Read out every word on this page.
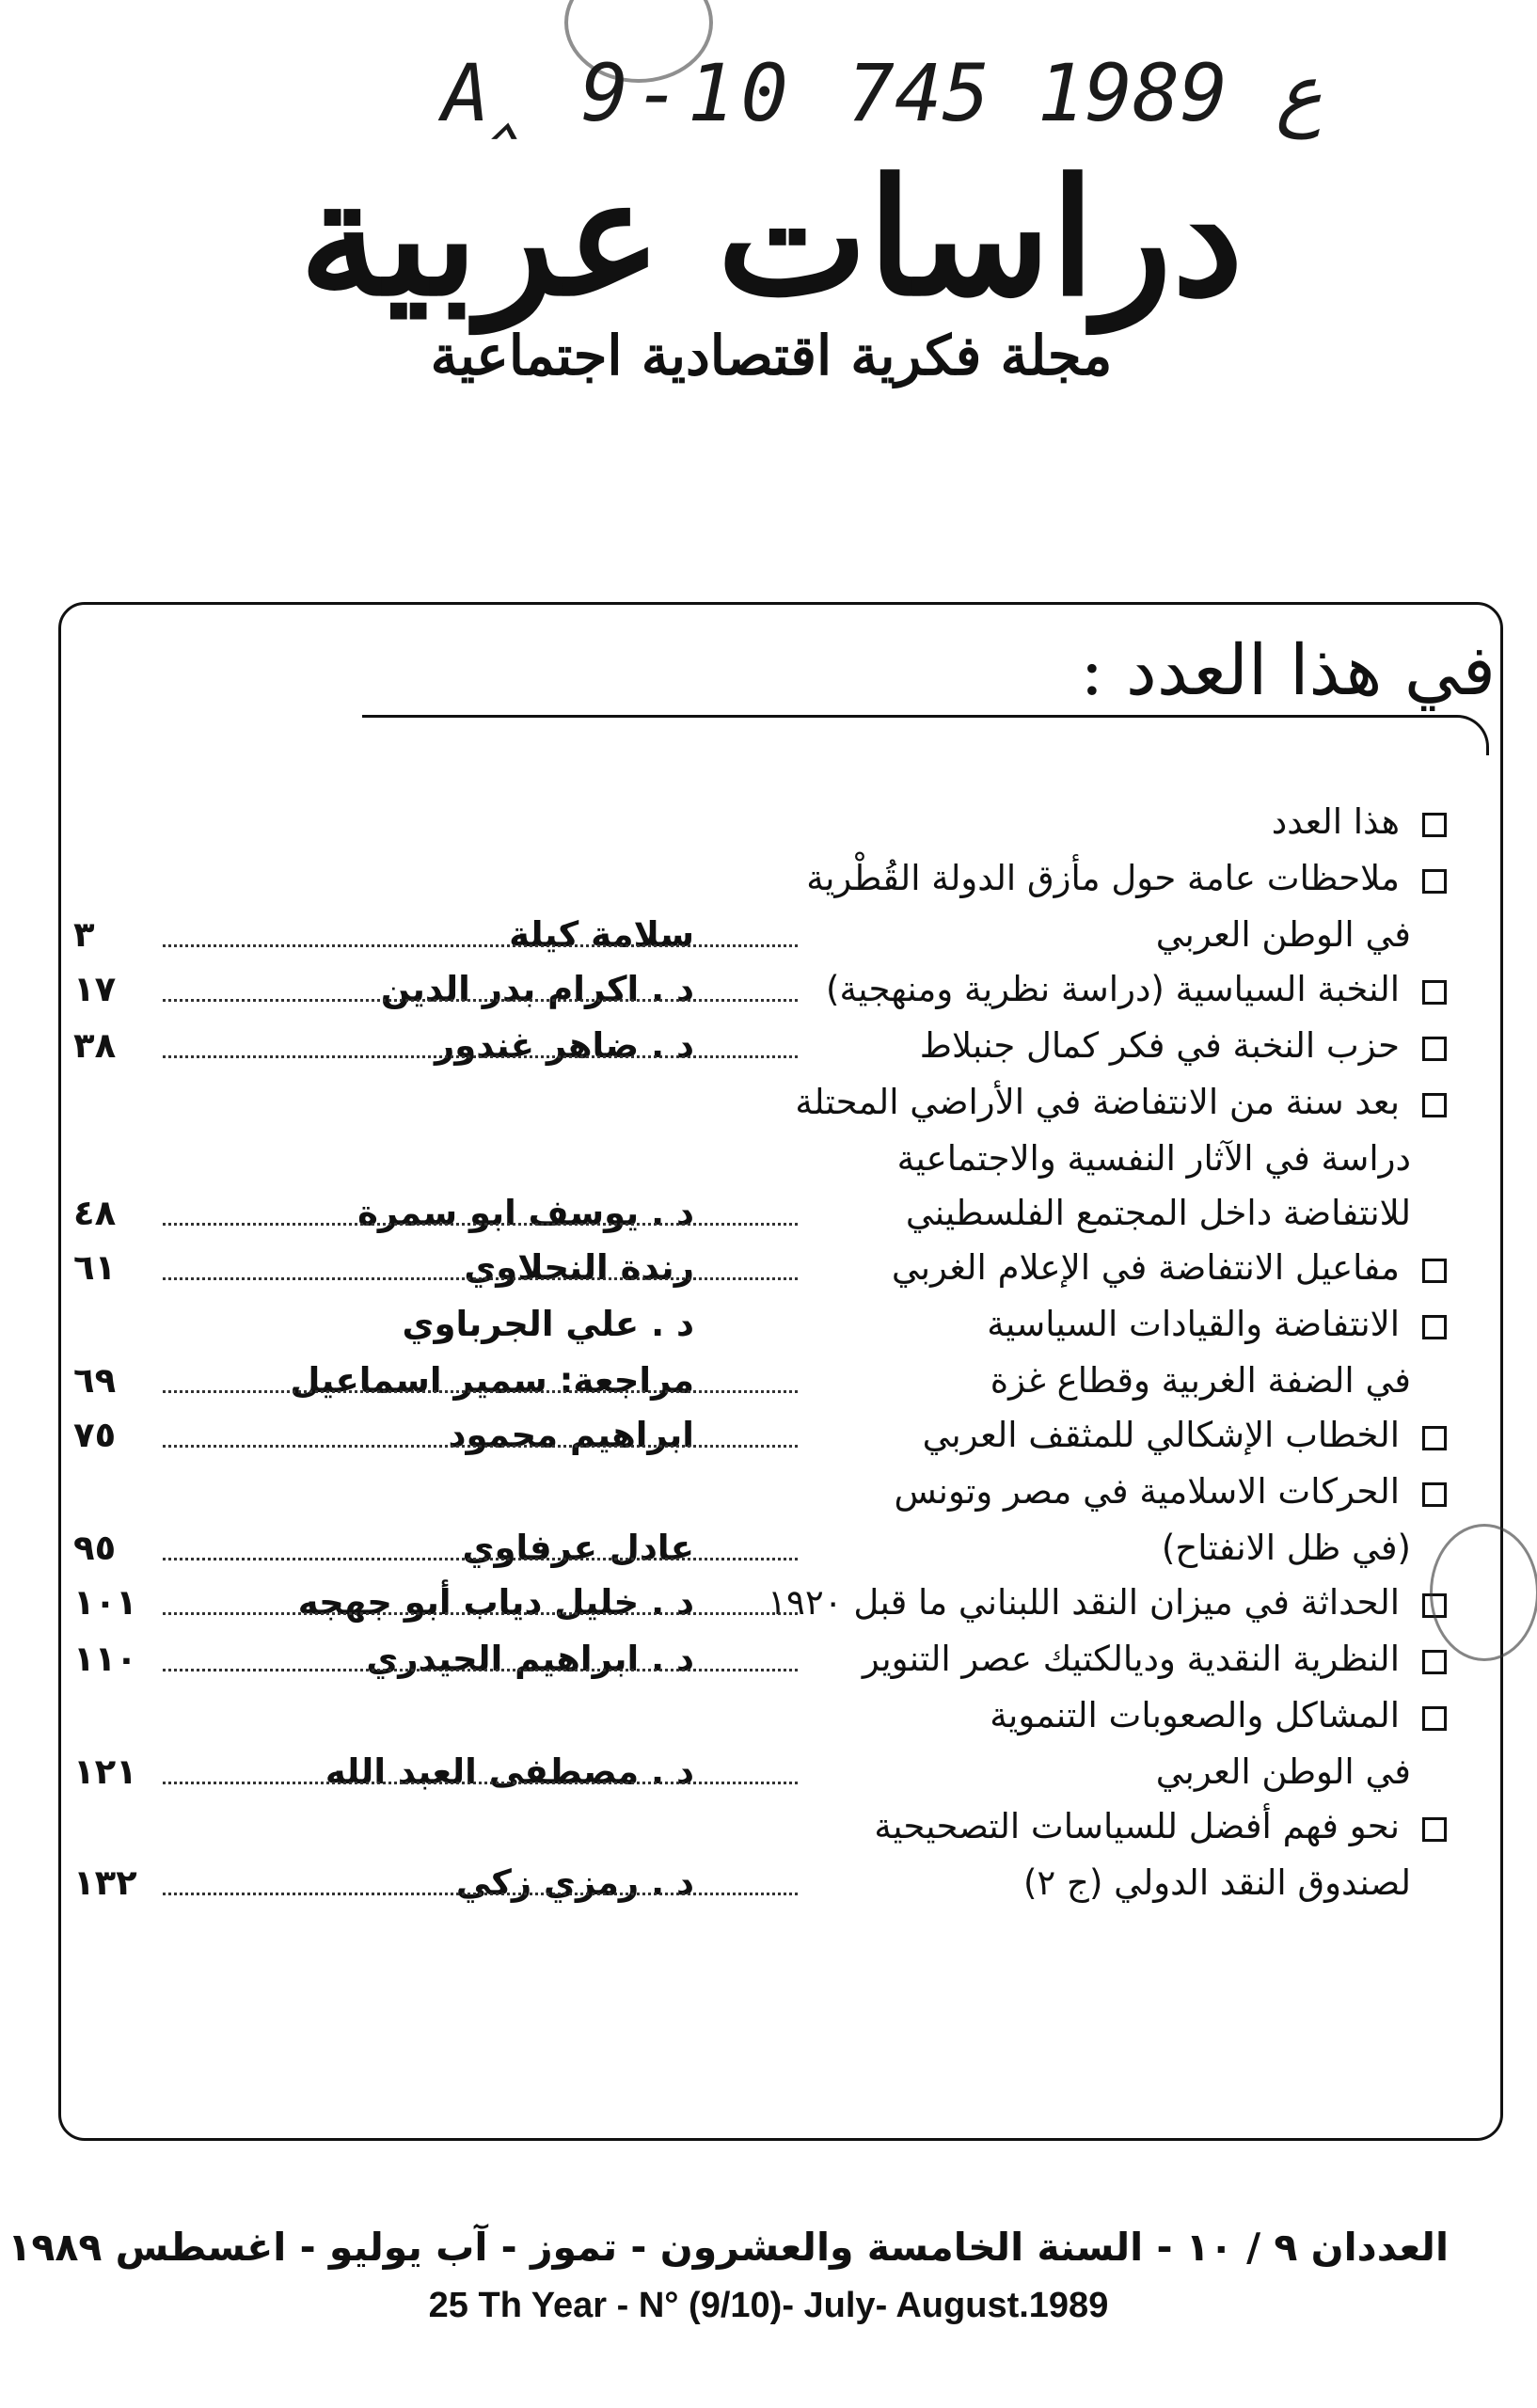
A‸ 9-10 ع 1989 745
دراسات عربية
مجلة فكرية اقتصادية اجتماعية
في هذا العدد :
هذا العدد
ملاحظات عامة حول مأزق الدولة القُطْرية
في الوطن العربي
سلامة كيلة
٣
النخبة السياسية (دراسة نظرية ومنهجية)
د . اكرام بدر الدين
١٧
حزب النخبة في فكر كمال جنبلاط
د . ضاهر غندور
٣٨
بعد سنة من الانتفاضة في الأراضي المحتلة
دراسة في الآثار النفسية والاجتماعية
للانتفاضة داخل المجتمع الفلسطيني
د . يوسف ابو سمرة
٤٨
مفاعيل الانتفاضة في الإعلام الغربي
رندة النحلاوي
٦١
الانتفاضة والقيادات السياسية
د . علي الجرباوي
في الضفة الغربية وقطاع غزة
مراجعة: سمير اسماعيل
٦٩
الخطاب الإشكالي للمثقف العربي
ابراهيم محمود
٧٥
الحركات الاسلامية في مصر وتونس
(في ظل الانفتاح)
عادل عرفاوي
٩٥
الحداثة في ميزان النقد اللبناني ما قبل ١٩٢٠
د . خليل دياب أبو جهجه
١٠١
النظرية النقدية وديالكتيك عصر التنوير
د . ابراهيم الحيدري
١١٠
المشاكل والصعوبات التنموية
في الوطن العربي
د . مصطفى العبد الله
١٢١
نحو فهم أفضل للسياسات التصحيحية
لصندوق النقد الدولي (ج ٢)
د . رمزي زكي
١٣٢
العددان ٩ / ١٠ - السنة الخامسة والعشرون - تموز - آب يوليو - اغسطس ١٩٨٩
25 Th Year - N° (9/10)- July- August.1989
